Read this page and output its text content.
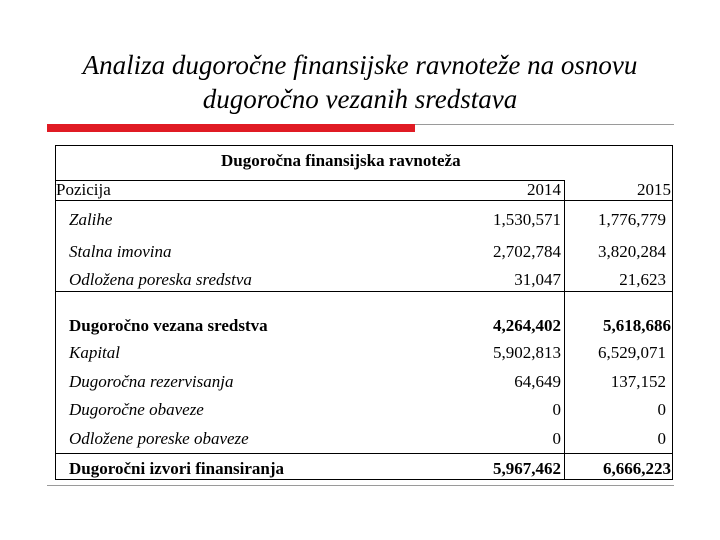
Analiza dugoročne finansijske ravnoteže na osnovu
dugoročno vezanih sredstava
Dugoročna finansijska ravnoteža
Pozicija	2014	2015
Zalihe	1,530,571	1,776,779
Stalna imovina	2,702,784	3,820,284
Odložena poreska sredstva	31,047	21,623
Dugoročno vezana sredstva	4,264,402	5,618,686
Kapital	5,902,813	6,529,071
Dugoročna rezervisanja	64,649	137,152
Dugoročne obaveze	0	0
Odložene poreske obaveze	0	0
Dugoročni izvori finansiranja	5,967,462	6,666,223
